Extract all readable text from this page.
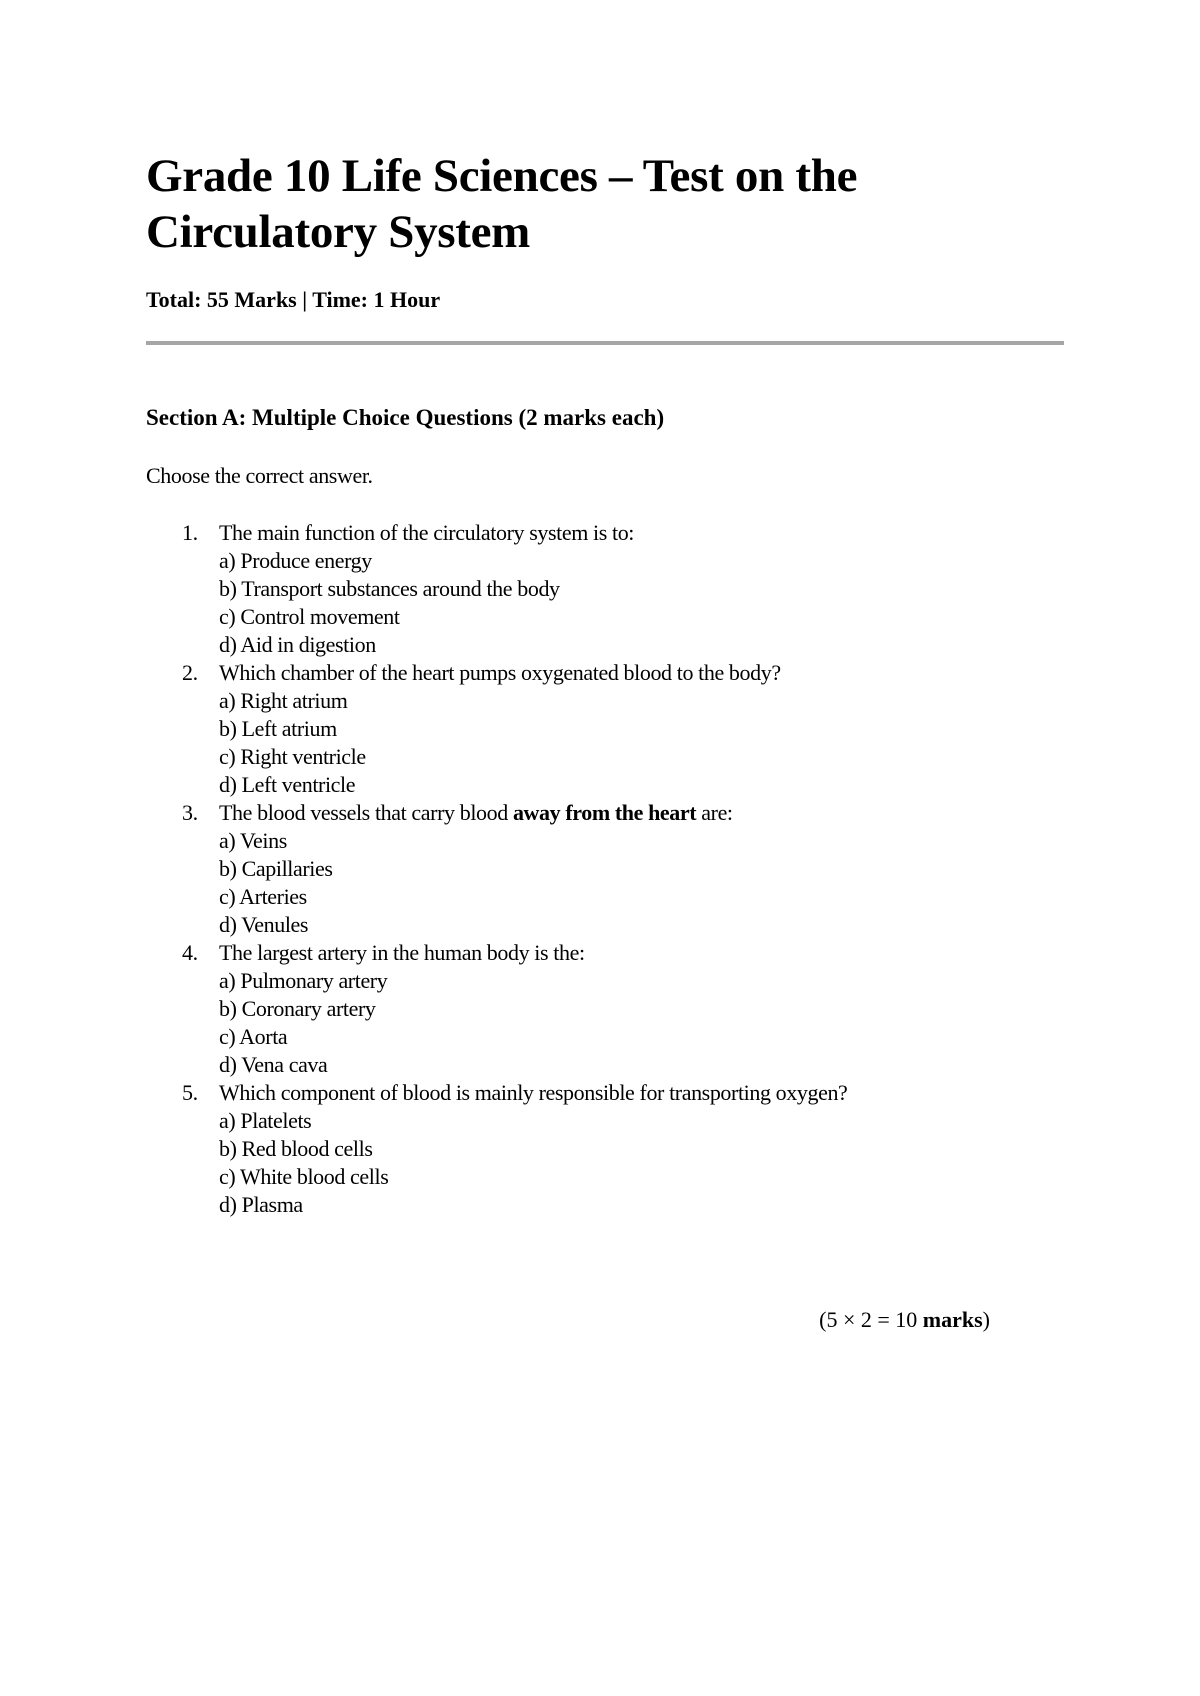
Grade 10 Life Sciences – Test on the Circulatory System
Total: 55 Marks | Time: 1 Hour
Section A: Multiple Choice Questions (2 marks each)
Choose the correct answer.
1. The main function of the circulatory system is to:
a) Produce energy
b) Transport substances around the body
c) Control movement
d) Aid in digestion
2. Which chamber of the heart pumps oxygenated blood to the body?
a) Right atrium
b) Left atrium
c) Right ventricle
d) Left ventricle
3. The blood vessels that carry blood away from the heart are:
a) Veins
b) Capillaries
c) Arteries
d) Venules
4. The largest artery in the human body is the:
a) Pulmonary artery
b) Coronary artery
c) Aorta
d) Vena cava
5. Which component of blood is mainly responsible for transporting oxygen?
a) Platelets
b) Red blood cells
c) White blood cells
d) Plasma
(5 × 2 = 10 marks)
